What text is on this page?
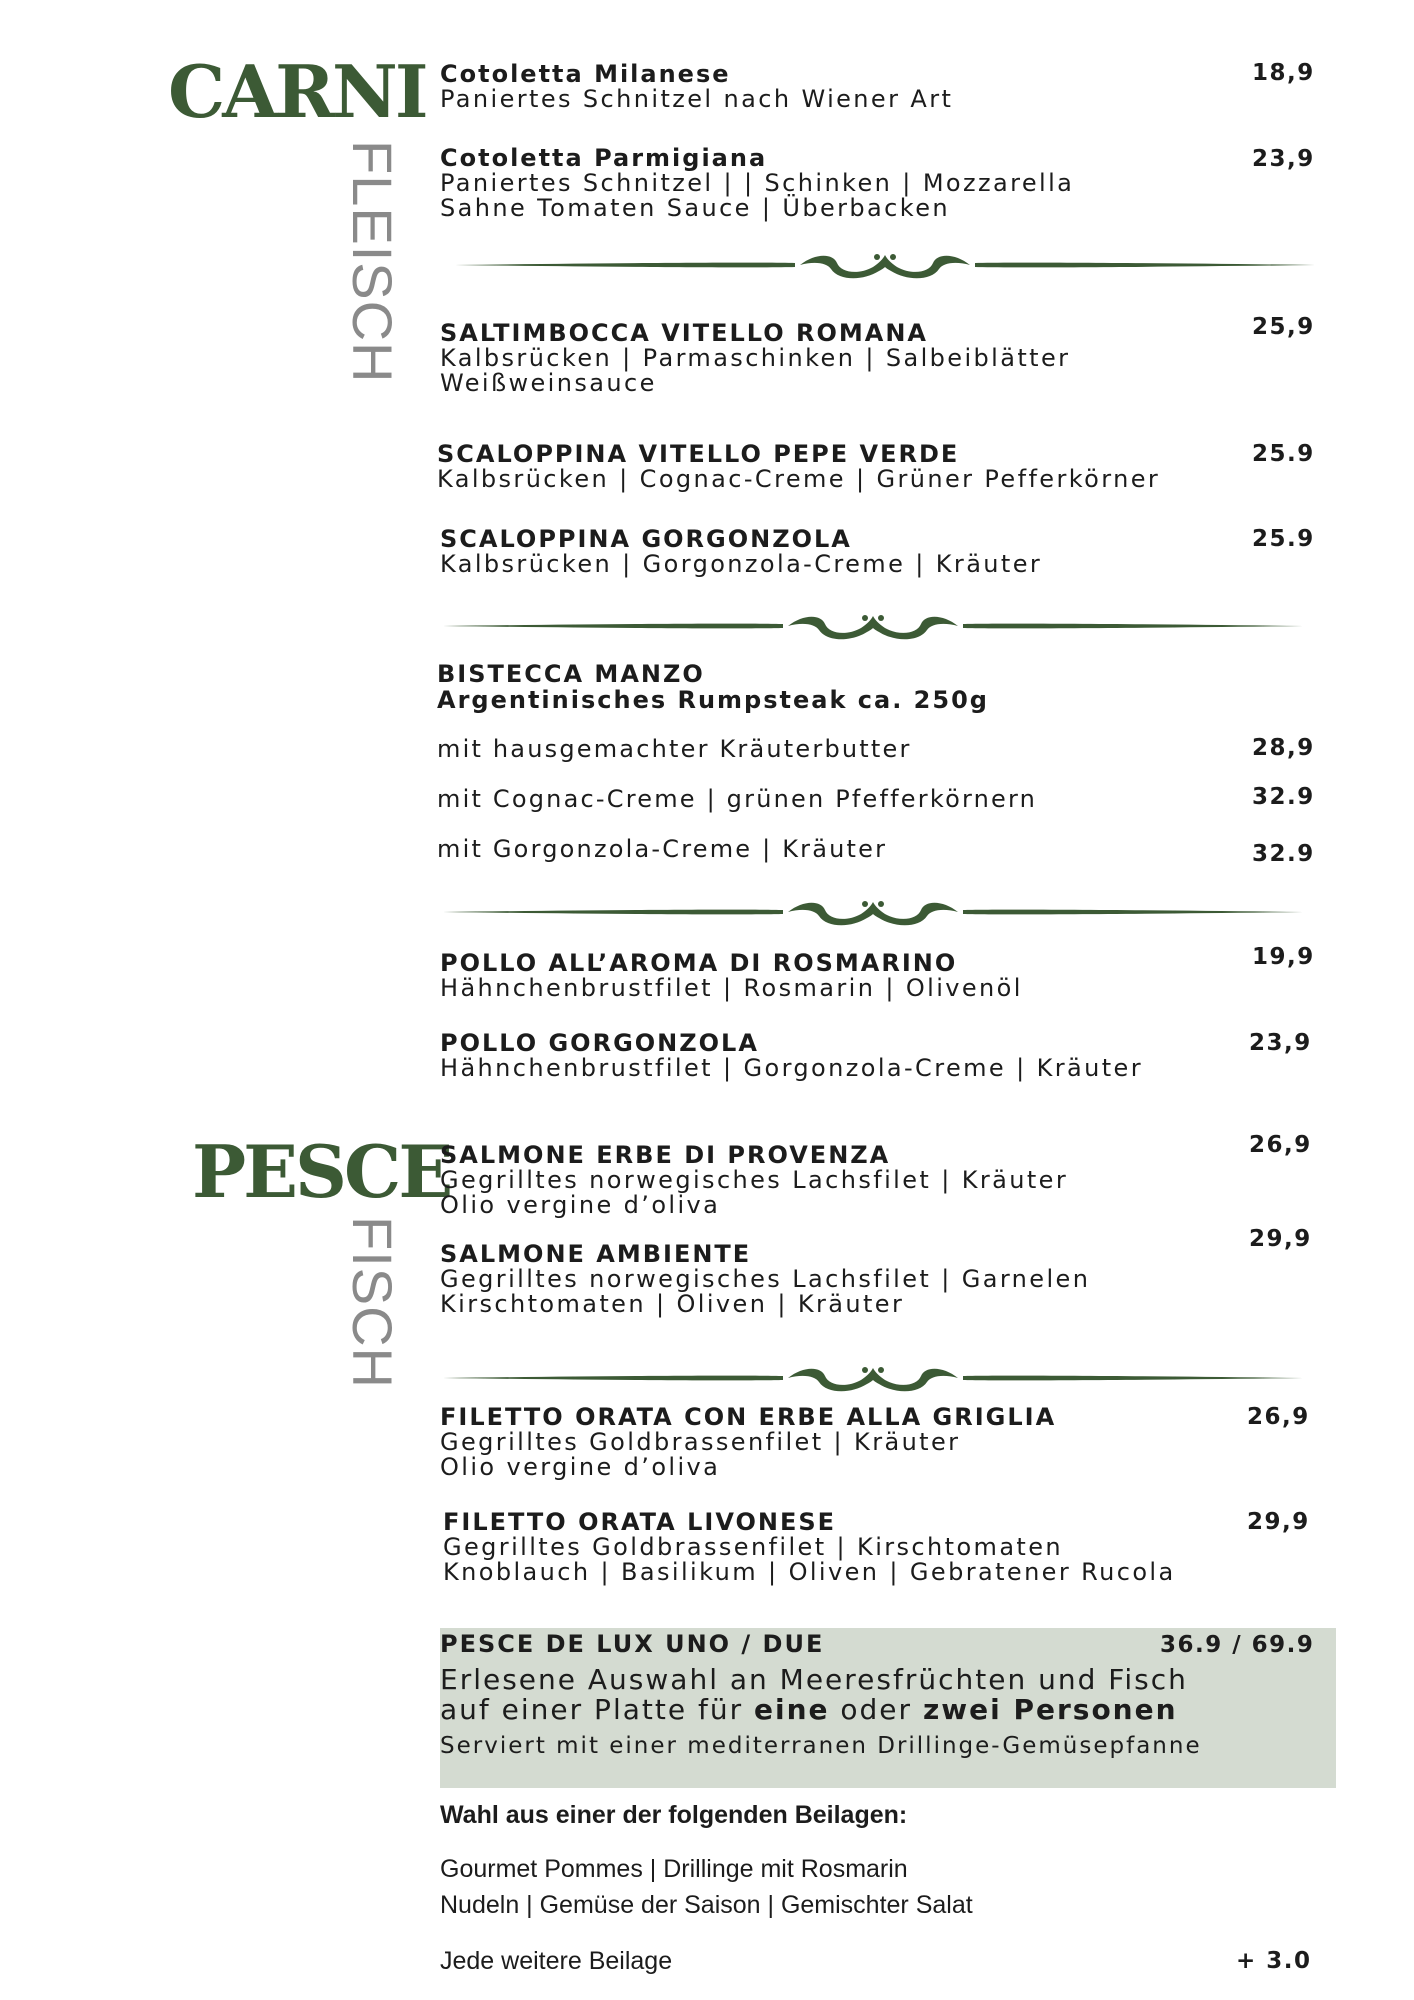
CARNI
FLEISCH
PESCE
FISCH
Cotoletta Milanese
Paniertes Schnitzel nach Wiener Art
18,9
Cotoletta Parmigiana
Paniertes Schnitzel | | Schinken | Mozzarella
Sahne Tomaten Sauce | Überbacken
23,9
SALTIMBOCCA VITELLO ROMANA
Kalbsrücken | Parmaschinken | Salbeiblätter
Weißweinsauce
25,9
SCALOPPINA VITELLO PEPE VERDE
Kalbsrücken | Cognac-Creme | Grüner Pefferkörner
25.9
SCALOPPINA GORGONZOLA
Kalbsrücken | Gorgonzola-Creme | Kräuter
25.9
BISTECCA MANZO
Argentinisches Rumpsteak ca. 250g
mit hausgemachter Kräuterbutter	28,9
mit Cognac-Creme | grünen Pfefferkörnern	32.9
mit Gorgonzola-Creme | Kräuter	32.9
POLLO ALL’AROMA DI ROSMARINO
Hähnchenbrustfilet | Rosmarin | Olivenöl
19,9
POLLO GORGONZOLA
Hähnchenbrustfilet | Gorgonzola-Creme | Kräuter
23,9
SALMONE ERBE DI PROVENZA
Gegrilltes norwegisches Lachsfilet | Kräuter
Olio vergine d’oliva
26,9
SALMONE AMBIENTE
Gegrilltes norwegisches Lachsfilet | Garnelen
Kirschtomaten | Oliven | Kräuter
29,9
FILETTO ORATA CON ERBE ALLA GRIGLIA
Gegrilltes Goldbrassenfilet | Kräuter
Olio vergine d’oliva
26,9
FILETTO ORATA LIVONESE
Gegrilltes Goldbrassenfilet | Kirschtomaten
Knoblauch | Basilikum | Oliven | Gebratener Rucola
29,9
PESCE DE LUX UNO / DUE	36.9 / 69.9
Erlesene Auswahl an Meeresfrüchten und Fisch
auf einer Platte für eine oder zwei Personen
Serviert mit einer mediterranen Drillinge-Gemüsepfanne
Wahl aus einer der folgenden Beilagen:
Gourmet Pommes | Drillinge mit Rosmarin
Nudeln | Gemüse der Saison | Gemischter Salat
Jede weitere Beilage	+ 3.0
